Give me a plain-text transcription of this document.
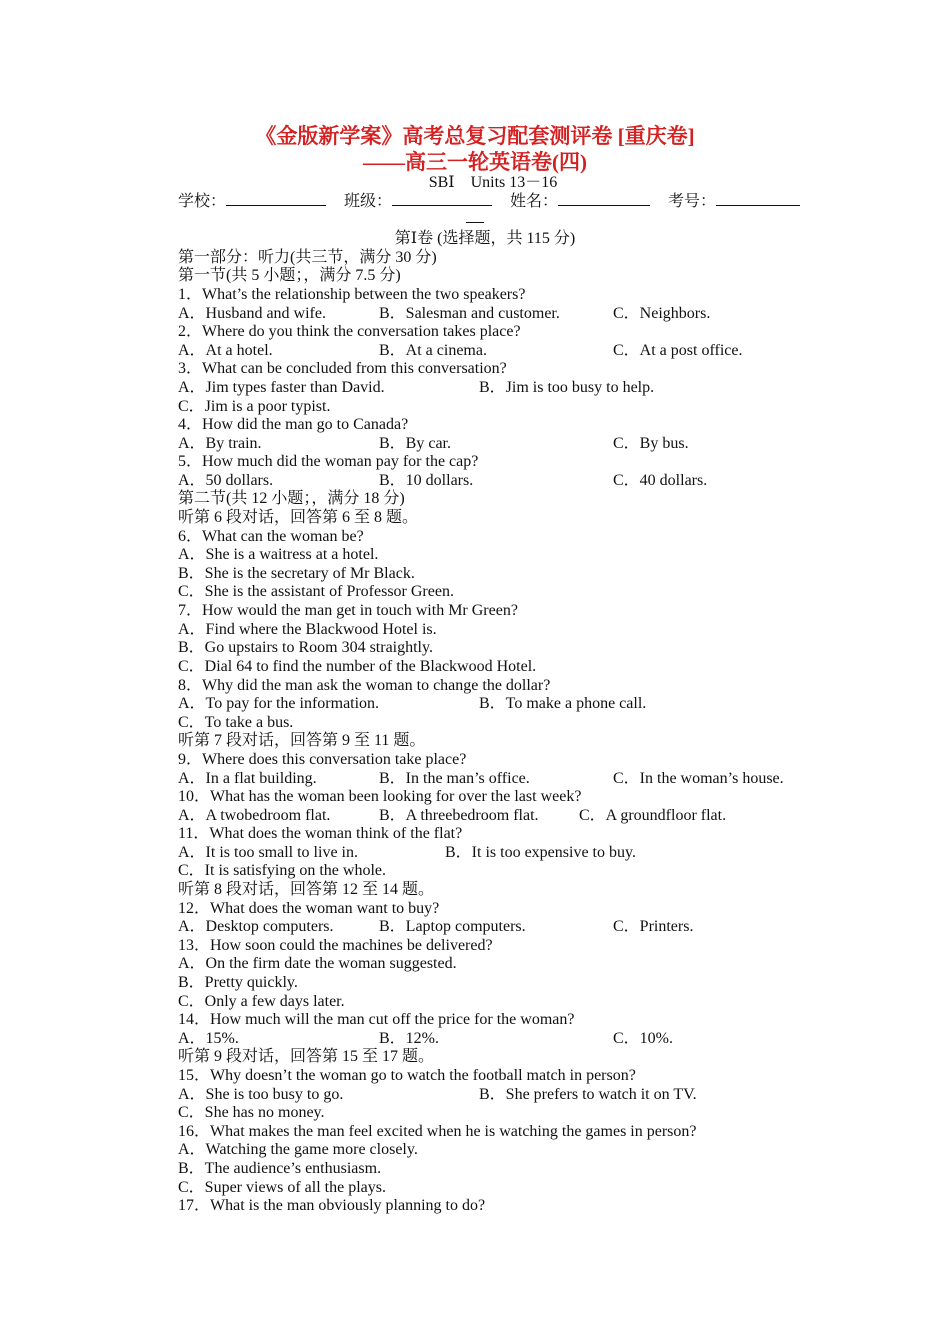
《金版新学案》高考总复习配套测评卷 [重庆卷]
——高三一轮英语卷(四)
SBⅠ　Units 13－16
学校：	班级：	姓名：	考号：
第Ⅰ卷 (选择题，共 115 分)
第一部分：听力(共三节，满分 30 分)
第一节(共 5 小题；，满分 7.5 分)
1．What’s the relationship between the two speakers?
A．Husband and wife.	B．Salesman and customer.	C．Neighbors.
2．Where do you think the conversation takes place?
A．At a hotel.	B．At a cinema.	C．At a post office.
3．What can be concluded from this conversation?
A．Jim types faster than David.	B．Jim is too busy to help.
C．Jim is a poor typist.
4．How did the man go to Canada?
A．By train.	B．By car.	C．By bus.
5．How much did the woman pay for the cap?
A．50 dollars.	B．10 dollars.	C．40 dollars.
第二节(共 12 小题；，满分 18 分)
听第 6 段对话，回答第 6 至 8 题。
6．What can the woman be?
A．She is a waitress at a hotel.
B．She is the secretary of Mr Black.
C．She is the assistant of Professor Green.
7．How would the man get in touch with Mr Green?
A．Find where the Blackwood Hotel is.
B．Go upstairs to Room 304 straightly.
C．Dial 64 to find the number of the Blackwood Hotel.
8．Why did the man ask the woman to change the dollar?
A．To pay for the information.	B．To make a phone call.
C．To take a bus.
听第 7 段对话，回答第 9 至 11 题。
9．Where does this conversation take place?
A．In a flat building.	B．In the man’s office.	C．In the woman’s house.
10．What has the woman been looking for over the last week?
A．A twobedroom flat.	B．A threebedroom flat.	C．A groundfloor flat.
11．What does the woman think of the flat?
A．It is too small to live in.	B．It is too expensive to buy.
C．It is satisfying on the whole.
听第 8 段对话，回答第 12 至 14 题。
12．What does the woman want to buy?
A．Desktop computers.	B．Laptop computers.	C．Printers.
13．How soon could the machines be delivered?
A．On the firm date the woman suggested.
B．Pretty quickly.
C．Only a few days later.
14．How much will the man cut off the price for the woman?
A．15%.	B．12%.	C．10%.
听第 9 段对话，回答第 15 至 17 题。
15．Why doesn’t the woman go to watch the football match in person?
A．She is too busy to go.	B．She prefers to watch it on TV.
C．She has no money.
16．What makes the man feel excited when he is watching the games in person?
A．Watching the game more closely.
B．The audience’s enthusiasm.
C．Super views of all the plays.
17．What is the man obviously planning to do?
